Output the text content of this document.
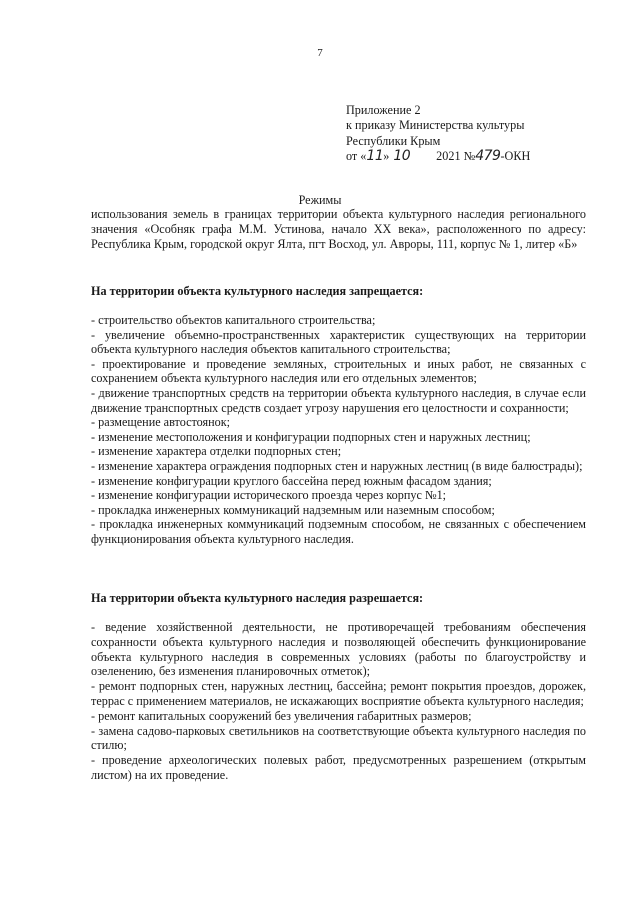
7
Приложение 2
к приказу Министерства культуры
Республики Крым
от « 11 » 10 2021 № 479 -ОКН
Режимы
использования земель в границах территории объекта культурного наследия регионального значения «Особняк графа М.М. Устинова, начало XX века», расположенного по адресу: Республика Крым, городской округ Ялта, пгт Восход, ул. Авроры, 111, корпус № 1, литер «Б»
На территории объекта культурного наследия запрещается:
- строительство объектов капитального строительства;
- увеличение объемно-пространственных характеристик существующих на территории объекта культурного наследия объектов капитального строительства;
- проектирование и проведение земляных, строительных и иных работ, не связанных с сохранением объекта культурного наследия или его отдельных элементов;
- движение транспортных средств на территории объекта культурного наследия, в случае если движение транспортных средств создает угрозу нарушения его целостности и сохранности;
- размещение автостоянок;
- изменение местоположения и конфигурации подпорных стен и наружных лестниц;
- изменение характера отделки подпорных стен;
- изменение характера ограждения подпорных стен и наружных лестниц (в виде балюстрады);
- изменение конфигурации круглого бассейна перед южным фасадом здания;
- изменение конфигурации исторического проезда через корпус №1;
- прокладка инженерных коммуникаций надземным или наземным способом;
- прокладка инженерных коммуникаций подземным способом, не связанных с обеспечением функционирования объекта культурного наследия.
На территории объекта культурного наследия разрешается:
- ведение хозяйственной деятельности, не противоречащей требованиям обеспечения сохранности объекта культурного наследия и позволяющей обеспечить функционирование объекта культурного наследия в современных условиях (работы по благоустройству и озеленению, без изменения планировочных отметок);
- ремонт подпорных стен, наружных лестниц, бассейна; ремонт покрытия проездов, дорожек, террас с применением материалов, не искажающих восприятие объекта культурного наследия;
- ремонт капитальных сооружений без увеличения габаритных размеров;
- замена садово-парковых светильников на соответствующие объекта культурного наследия по стилю;
- проведение археологических полевых работ, предусмотренных разрешением (открытым листом) на их проведение.
